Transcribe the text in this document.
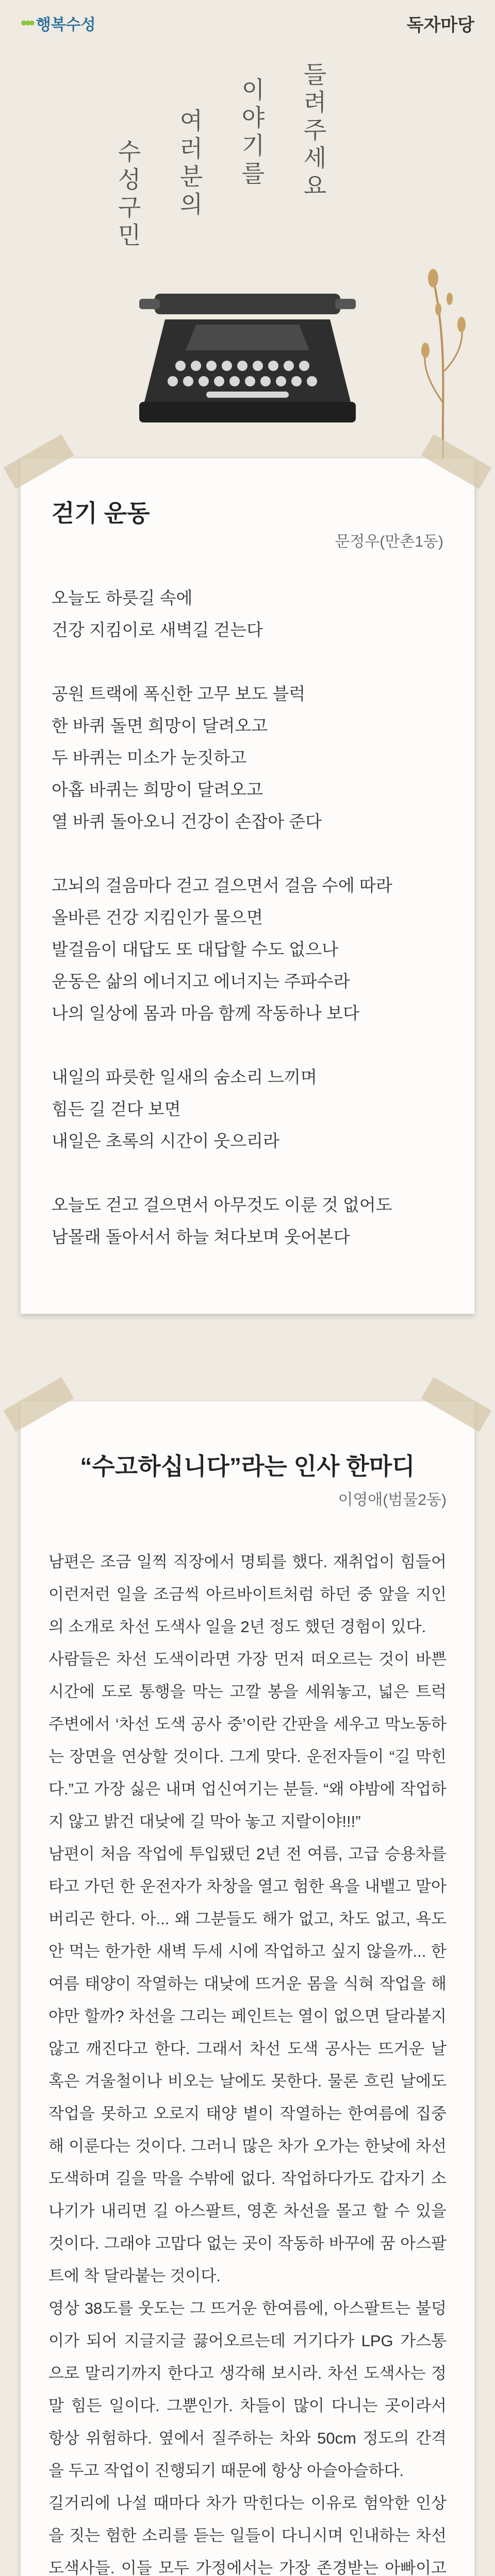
••• 행복수성	독자마당
들려주세요
이야기를
여러분의
수성구민
걷기 운동
문정우(만촌1동)
오늘도 하릇길 속에
건강 지킴이로 새벽길 걷는다
공원 트랙에 폭신한 고무 보도 블럭
한 바퀴 돌면 희망이 달려오고
두 바퀴는 미소가 눈짓하고
아홉 바퀴는 희망이 달려오고
열 바퀴 돌아오니 건강이 손잡아 준다
고뇌의 걸음마다 걷고 걸으면서 걸음 수에 따라
올바른 건강 지킴인가 물으면
발걸음이 대답도 또 대답할 수도 없으나
운동은 삶의 에너지고 에너지는 주파수라
나의 일상에 몸과 마음 함께 작동하나 보다
내일의 파릇한 일새의 숨소리 느끼며
힘든 길 걷다 보면
내일은 초록의 시간이 웃으리라
오늘도 걷고 걸으면서 아무것도 이룬 것 없어도
남몰래 돌아서서 하늘 쳐다보며 웃어본다
“수고하십니다”라는 인사 한마디
이영애(범물2동)

남편은 조금 일찍 직장에서 명퇴를 했다. 재취업이 힘들어 이런저런 일을 조금씩 아르바이트처럼 하던 중 앞을 지인의 소개로 차선 도색사 일을 2년 정도 했던 경험이 있다.

사람들은 차선 도색이라면 가장 먼저 떠오르는 것이 바쁜 시간에 도로 통행을 막는 고깔 봉을 세워놓고, 넓은 트럭 주변에서 ‘차선 도색 공사 중’이란 간판을 세우고 막노동하는 장면을 연상할 것이다. 그게 맞다. 운전자들이 “길 막힌다.”고 가장 싫은 내며 업신여기는 분들. “왜 야밤에 작업하지 않고 밝건 대낮에 길 막아 놓고 지랄이야!!!”

남편이 처음 작업에 투입됐던 2년 전 여름, 고급 승용차를 타고 가던 한 운전자가 차창을 열고 험한 욕을 내뱉고 말아버리곤 한다. 아... 왜 그분들도 해가 없고, 차도 없고, 욕도 안 먹는 한가한 새벽 두세 시에 작업하고 싶지 않을까... 한여름 태양이 작열하는 대낮에 뜨거운 몸을 식혀 작업을 해야만 할까? 차선을 그리는 페인트는 열이 없으면 달라붙지 않고 깨진다고 한다. 그래서 차선 도색 공사는 뜨거운 날 혹은 겨울철이나 비오는 날에도 못한다. 물론 흐린 날에도 작업을 못하고 오로지 태양 볕이 작열하는 한여름에 집중해 이룬다는 것이다. 그러니 많은 차가 오가는 한낮에 차선 도색하며 길을 막을 수밖에 없다. 작업하다가도 갑자기 소나기가 내리면 길 아스팔트, 영혼 차선을 몰고 할 수 있을 것이다. 그래야 고맙다 없는 곳이 작동하 바꾸에 꿈 아스팔트에 착 달라붙는 것이다.

영상 38도를 웃도는 그 뜨거운 한여름에, 아스팔트는 불덩이가 되어 지글지글 끓어오르는데 거기다가 LPG 가스통으로 말리기까지 한다고 생각해 보시라. 차선 도색사는 정말 힘든 일이다. 그뿐인가. 차들이 많이 다니는 곳이라서 항상 위험하다. 옆에서 질주하는 차와 50cm 정도의 간격을 두고 작업이 진행되기 때문에 항상 아슬아슬하다.

길거리에 나설 때마다 차가 막힌다는 이유로 험악한 인상을 짓는 험한 소리를 듣는 일들이 다니시며 인내하는 차선 도색사들. 이들 모두 가정에서는 가장 존경받는 아빠이고
